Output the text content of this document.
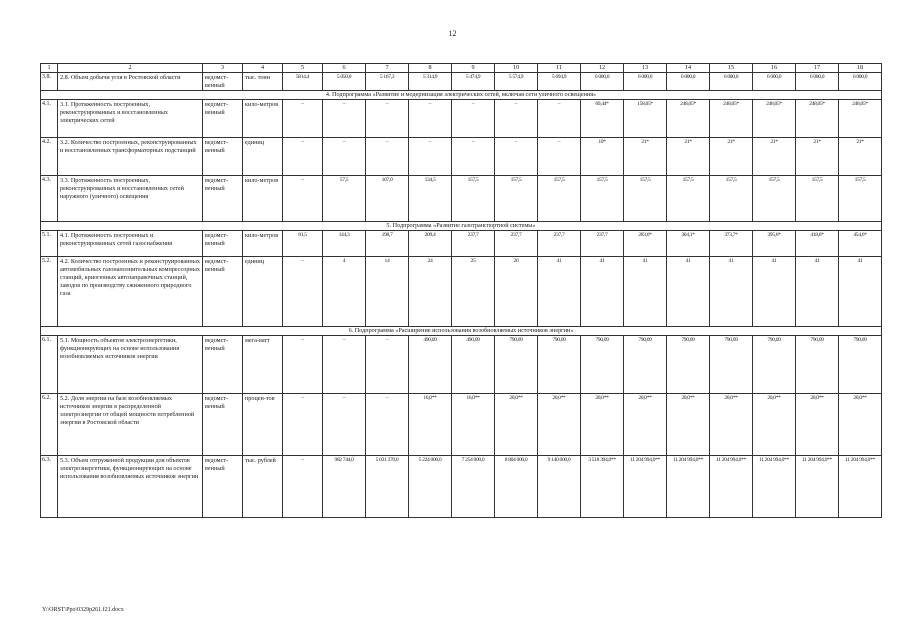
12
1	2	3	4	5	6	7	8	9	10	11	12	13	14	15	16	17	18
3.8.	2.8. Объем добычи угля в Ростовской области	ведомст-венный	тыс. тонн	5814,4	5 050,0	5 167,3	5 314,9	5 474,9	5 574,9	5 694,9	6 000,0	6 000,0	6 000,0	6 000,0	6 000,0	6 000,0	6 000,0
4. Подпрограмма «Развитие и модернизация электрических сетей, включая сети уличного освещения»																	
4.1.	3.1. Протяженность построенных, реконструированных и восстановленных электрических сетей	ведомст-венный	кило-метров	–	–	–	–	–	–	–	69,44*	158,05*	248,05*	248,05*	248,05*	248,05*	248,05*
4.2.	3.2. Количество построенных, реконструированных и восстановленных трансформаторных подстанций	ведомст-венный	единиц	–	–	–	–	–	–	–	10*	21*	21*	21*	21*	21*	21*
4.3.	3.3. Протяженность построенных, реконструированных и восстановленных сетей наружного (уличного) освещения	ведомст-венный	кило-метров	–	57,5	107,0	134,5	157,5	157,5	157,5	157,5	157,5	157,5	157,5	157,5	157,5	157,5
5. Подпрограмма «Развитие газотранспортной системы»																	
5.1.	4.1. Протяженность построенных и реконструированных сетей газоснабжения	ведомст-венный	кило-метров	81,5	144,3	198,7	209,4	237,7	237,7	237,7	237,7	283,6*	304,1*	373,7*	395,6*	418,6*	454,6*
5.2.	4.2. Количество построенных и реконструированных автомобильных газонаполнительных компрессорных станций, криогенных автозаправочных станций, заводов по производству сжиженного природного газа	ведомст-венный	единиц	–	4	14	24	25	26	41	41	41	41	41	41	41	41
6. Подпрограмма «Расширение использования возобновляемых источников энергии»																	
6.1.	5.1. Мощность объектов электроэнергетики, функционирующих на основе использования возобновляемых источников энергии	ведомст-венный	мега-ватт	–	–	–	490,09	490,09	790,09	790,09	790,09	790,09	790,09	790,09	790,09	790,09	790,09
6.2.	5.2. Доля энергии на базе возобновляемых источников энергии в распределенной электроэнергии от общей мощности потребленной энергии в Ростовской области	ведомст-венный	процен-тов	–	–	–	16,0**	16,0**	20,0**	20,0**	20,0**	20,0**	20,0**	20,0**	20,0**	20,0**	20,0**
6.3.	5.3. Объем отгруженной продукции для объектов электроэнергетики, функционирующих на основе использования возобновляемых источников энергии	ведомст-венный	тыс. рублей	–	982 744,0	5 031 270,0	5 224 000,0	7 254 000,0	8 804 000,0	9 140 000,0	3 518 394,0**	11 204 994,0**	11 204 994,0**	11 204 994,0**	11 204 994,0**	11 204 994,0**	11 204 994,0**
Y:\ORST\Ppo\0329p261.f21.docx
